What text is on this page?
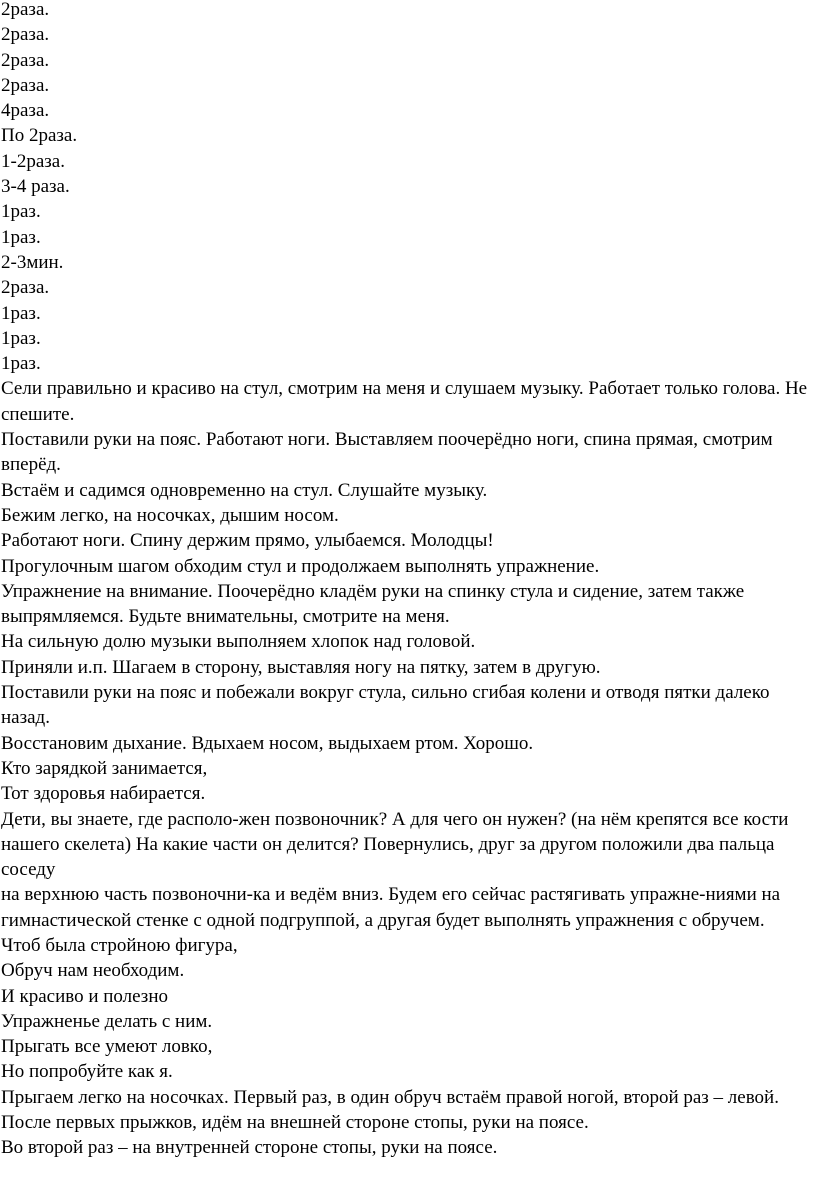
2раза.
2раза.
2раза.
2раза.
4раза.
По 2раза.
1-2раза.
3-4 раза.
1раз.
1раз.
2-3мин.
2раза.
1раз.
1раз.
1раз.
Сели правильно и красиво на стул, смотрим на меня и слушаем музыку. Работает только голова. Не спешите.
Поставили руки на пояс. Работают ноги. Выставляем поочерёдно ноги, спина прямая, смотрим вперёд.
Встаём и садимся одновременно на стул. Слушайте музыку.
Бежим легко, на носочках, дышим носом.
Работают ноги. Спину держим прямо, улыбаемся. Молодцы!
Прогулочным шагом обходим стул и продолжаем выполнять упражнение.
Упражнение на внимание. Поочерёдно кладём руки на спинку стула и сидение, затем также выпрямляемся. Будьте внимательны, смотрите на меня.
На сильную долю музыки выполняем хлопок над головой.
Приняли и.п. Шагаем в сторону, выставляя ногу на пятку, затем в другую.
Поставили руки на пояс и побежали вокруг стула, сильно сгибая колени и отводя пятки далеко назад.
Восстановим дыхание. Вдыхаем носом, выдыхаем ртом. Хорошо.
Кто зарядкой занимается,
Тот здоровья набирается.
Дети, вы знаете, где располо-жен позвоночник? А для чего он нужен? (на нём крепятся все кости нашего скелета) На какие части он делится? Повернулись, друг за другом положили два пальца соседу
на верхнюю часть позвоночни-ка и ведём вниз. Будем его сейчас растягивать упражне-ниями на гимнастической стенке с одной подгруппой, а другая будет выполнять упражнения с обручем.
Чтоб была стройною фигура,
Обруч нам необходим.
И красиво и полезно
Упражненье делать с ним.
Прыгать все умеют ловко,
Но попробуйте как я.
Прыгаем легко на носочках. Первый раз, в один обруч встаём правой ногой, второй раз – левой. После первых прыжков, идём на внешней стороне стопы, руки на поясе.
Во второй раз – на внутренней стороне стопы, руки на поясе.
